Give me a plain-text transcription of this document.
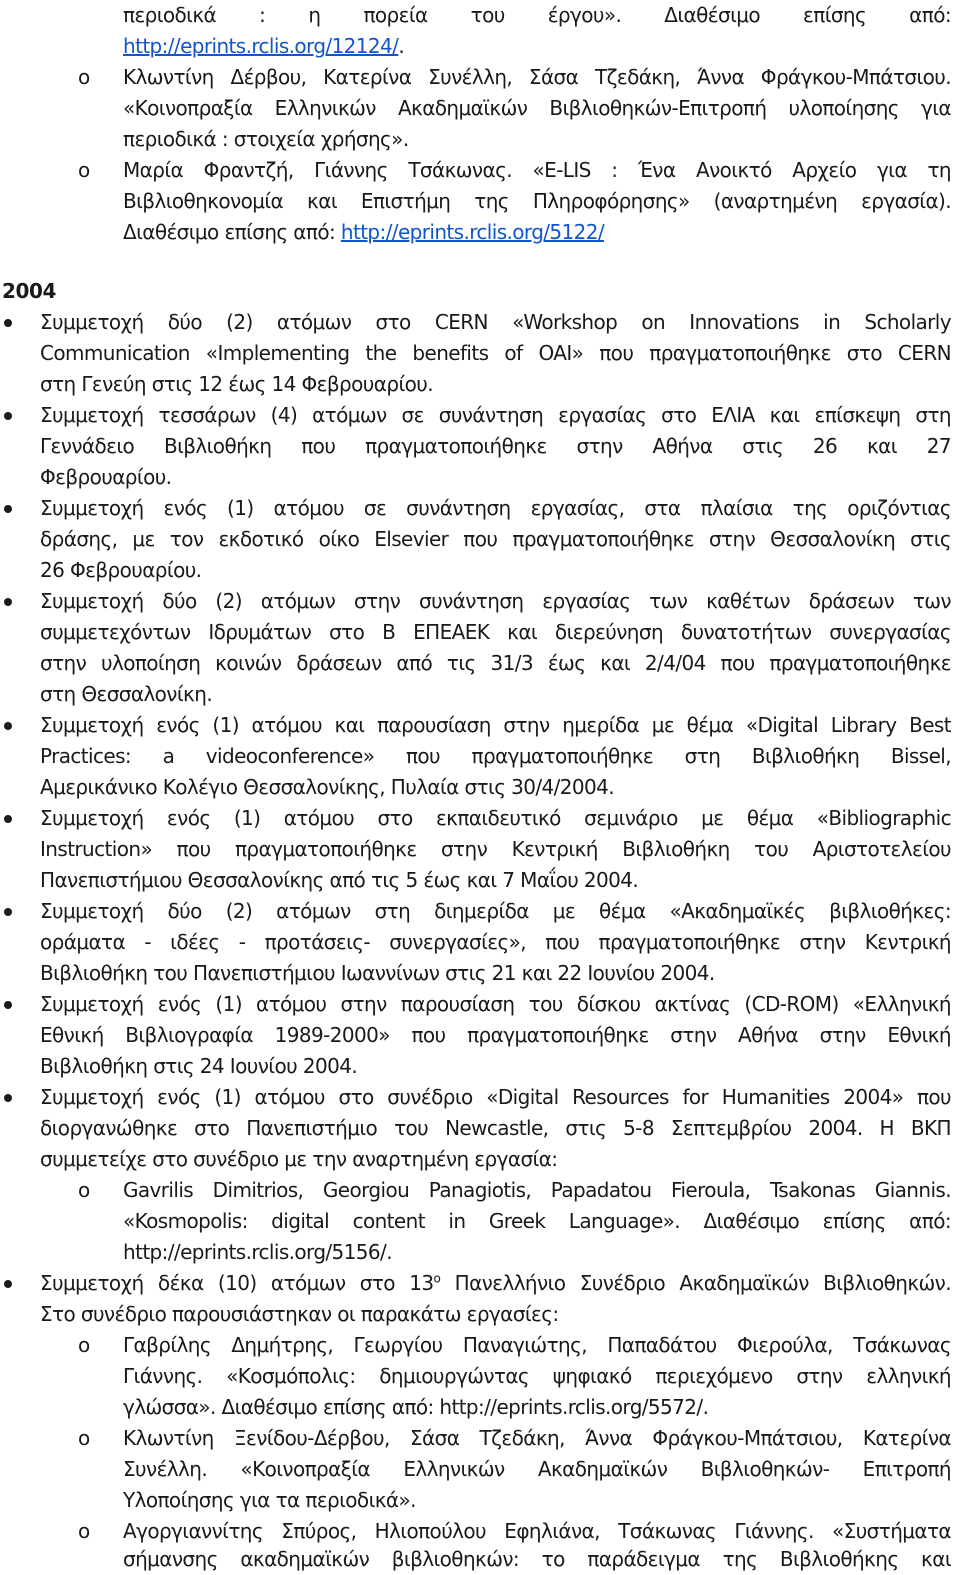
περιοδικά : η πορεία του έργου». Διαθέσιμο επίσης από:
http://eprints.rclis.org/12124/.
o Κλωντίνη Δέρβου, Κατερίνα Συνέλλη, Σάσα Τζεδάκη, Άννα Φράγκου-Μπάτσιου.
«Κοινοπραξία Ελληνικών Ακαδημαϊκών Βιβλιοθηκών-Επιτροπή υλοποίησης για
περιοδικά : στοιχεία χρήσης».
o Μαρία Φραντζή, Γιάννης Τσάκωνας. «E-LIS : Ένα Ανοικτό Αρχείο για τη
Βιβλιοθηκονομία και Επιστήμη της Πληροφόρησης» (αναρτημένη εργασία).
Διαθέσιμο επίσης από: http://eprints.rclis.org/5122/
2004
Συμμετοχή δύο (2) ατόμων στο CERN «Workshop on Innovations in Scholarly
Communication «Implementing the benefits of OAI» που πραγματοποιήθηκε στο CERN
στη Γενεύη στις 12 έως 14 Φεβρουαρίου.
Συμμετοχή τεσσάρων (4) ατόμων σε συνάντηση εργασίας στο ΕΛΙΑ και επίσκεψη στη
Γεννάδειο Βιβλιοθήκη που πραγματοποιήθηκε στην Αθήνα στις 26 και 27
Φεβρουαρίου.
Συμμετοχή ενός (1) ατόμου σε συνάντηση εργασίας, στα πλαίσια της οριζόντιας
δράσης, με τον εκδοτικό οίκο Elsevier που πραγματοποιήθηκε στην Θεσσαλονίκη στις
26 Φεβρουαρίου.
Συμμετοχή δύο (2) ατόμων στην συνάντηση εργασίας των καθέτων δράσεων των
συμμετεχόντων Ιδρυμάτων στο Β ΕΠΕΑΕΚ και διερεύνηση δυνατοτήτων συνεργασίας
στην υλοποίηση κοινών δράσεων από τις 31/3 έως και 2/4/04 που πραγματοποιήθηκε
στη Θεσσαλονίκη.
Συμμετοχή ενός (1) ατόμου και παρουσίαση στην ημερίδα με θέμα «Digital Library Best
Practices: a videoconference» που πραγματοποιήθηκε στη Βιβλιοθήκη Bissel,
Αμερικάνικο Κολέγιο Θεσσαλονίκης, Πυλαία στις 30/4/2004.
Συμμετοχή ενός (1) ατόμου στο εκπαιδευτικό σεμινάριο με θέμα «Bibliographic
Instruction» που πραγματοποιήθηκε στην Κεντρική Βιβλιοθήκη του Αριστοτελείου
Πανεπιστήμιου Θεσσαλονίκης από τις 5 έως και 7 Μαΐου 2004.
Συμμετοχή δύο (2) ατόμων στη διημερίδα με θέμα «Ακαδημαϊκές βιβλιοθήκες:
οράματα - ιδέες - προτάσεις- συνεργασίες», που πραγματοποιήθηκε στην Κεντρική
Βιβλιοθήκη του Πανεπιστήμιου Ιωαννίνων στις 21 και 22 Ιουνίου 2004.
Συμμετοχή ενός (1) ατόμου στην παρουσίαση του δίσκου ακτίνας (CD-ROM) «Ελληνική
Εθνική Βιβλιογραφία 1989-2000» που πραγματοποιήθηκε στην Αθήνα στην Εθνική
Βιβλιοθήκη στις 24 Ιουνίου 2004.
Συμμετοχή ενός (1) ατόμου στο συνέδριο «Digital Resources for Humanities 2004» που
διοργανώθηκε στο Πανεπιστήμιο του Newcastle, στις 5-8 Σεπτεμβρίου 2004. Η ΒΚΠ
συμμετείχε στο συνέδριο με την αναρτημένη εργασία:
o Gavrilis Dimitrios, Georgiou Panagiotis, Papadatou Fieroula, Tsakonas Giannis.
«Kosmopolis: digital content in Greek Language». Διαθέσιμο επίσης από:
http://eprints.rclis.org/5156/.
Συμμετοχή δέκα (10) ατόμων στο $13^o$ Πανελλήνιο Συνέδριο Ακαδημαϊκών Βιβλιοθηκών.
Στο συνέδριο παρουσιάστηκαν οι παρακάτω εργασίες:
o Γαβρίλης Δημήτρης, Γεωργίου Παναγιώτης, Παπαδάτου Φιερούλα, Τσάκωνας
Γιάννης. «Κοσμόπολις: δημιουργώντας ψηφιακό περιεχόμενο στην ελληνική
γλώσσα». Διαθέσιμο επίσης από: http://eprints.rclis.org/5572/.
o Κλωντίνη Ξενίδου-Δέρβου, Σάσα Τζεδάκη, Άννα Φράγκου-Μπάτσιου, Κατερίνα
Συνέλλη. «Κοινοπραξία Ελληνικών Ακαδημαϊκών Βιβλιοθηκών- Επιτροπή
Υλοποίησης για τα περιοδικά».
o Αγοργιαννίτης Σπύρος, Ηλιοπούλου Εφηλιάνα, Τσάκωνας Γιάννης. «Συστήματα
σήμανσης ακαδημαϊκών βιβλιοθηκών: το παράδειγμα της Βιβλιοθήκης και
